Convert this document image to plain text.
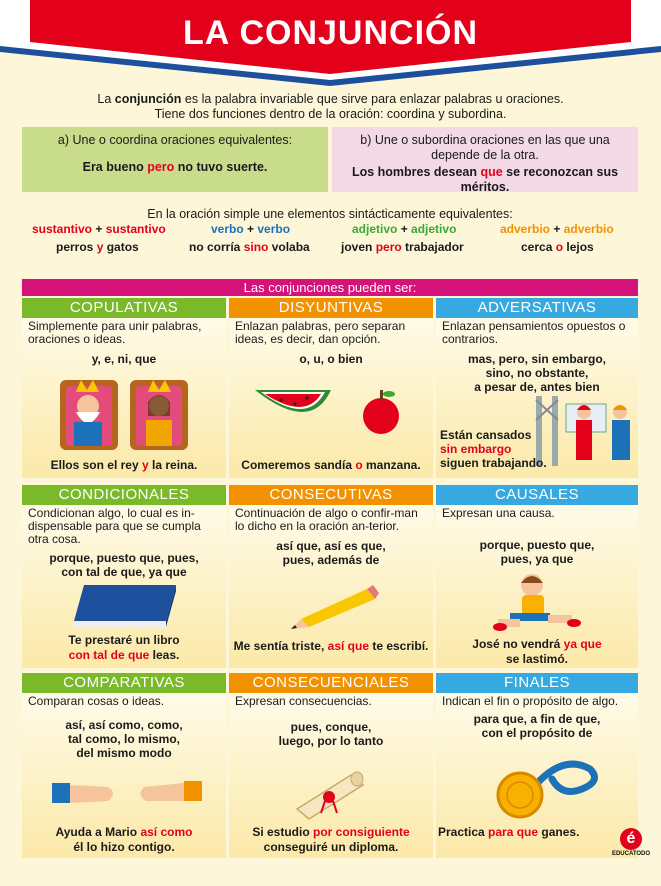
LA CONJUNCIÓN
La conjunción es la palabra invariable que sirve para enlazar palabras u oraciones.
Tiene dos funciones dentro de la oración: coordina y subordina.
a) Une o coordina oraciones equivalentes:
Era bueno pero no tuvo suerte.
b) Une o subordina oraciones en las que una depende de la otra.
Los hombres desean que se reconozcan sus méritos.
En la oración simple une elementos sintácticamente equivalentes:
sustantivo + sustantivo	verbo + verbo	adjetivo + adjetivo	adverbio + adverbio
perros y gatos	no corría sino volaba	joven pero trabajador	cerca o lejos
Las conjunciones pueden ser:
COPULATIVAS
Simplemente para unir palabras, oraciones o ideas.
y, e, ni, que
Ellos son el rey y la reina.
DISYUNTIVAS
Enlazan palabras, pero separan ideas, es decir, dan opción.
o, u, o bien
Comeremos sandía o manzana.
ADVERSATIVAS
Enlazan pensamientos opuestos o contrarios.
mas, pero, sin embargo,
sino, no obstante,
a pesar de, antes bien
Están cansados
sin embargo
siguen trabajando.
CONDICIONALES
Condicionan algo, lo cual es in-dispensable para que se cumpla otra cosa.
porque, puesto que, pues,
con tal de que, ya que
Te prestaré un libro
con tal de que leas.
CONSECUTIVAS
Continuación de algo o confir-man lo dicho en la oración an-terior.
así que, así es que,
pues, además de
Me sentía triste, así que te escribí.
CAUSALES
Expresan una causa.
porque, puesto que,
pues, ya que
José no vendrá ya que
se lastimó.
COMPARATIVAS
Comparan cosas o ideas.
así, así como, como,
tal como, lo mismo,
del mismo modo
Ayuda a Mario así como
él lo hizo contigo.
CONSECUENCIALES
Expresan consecuencias.
pues, conque,
luego, por lo tanto
Si estudio por consiguiente
conseguiré un diploma.
FINALES
Indican el fin o propósito de algo.
para que, a fin de que,
con el propósito de
Practica para que ganes.	é
EDUCATODO
